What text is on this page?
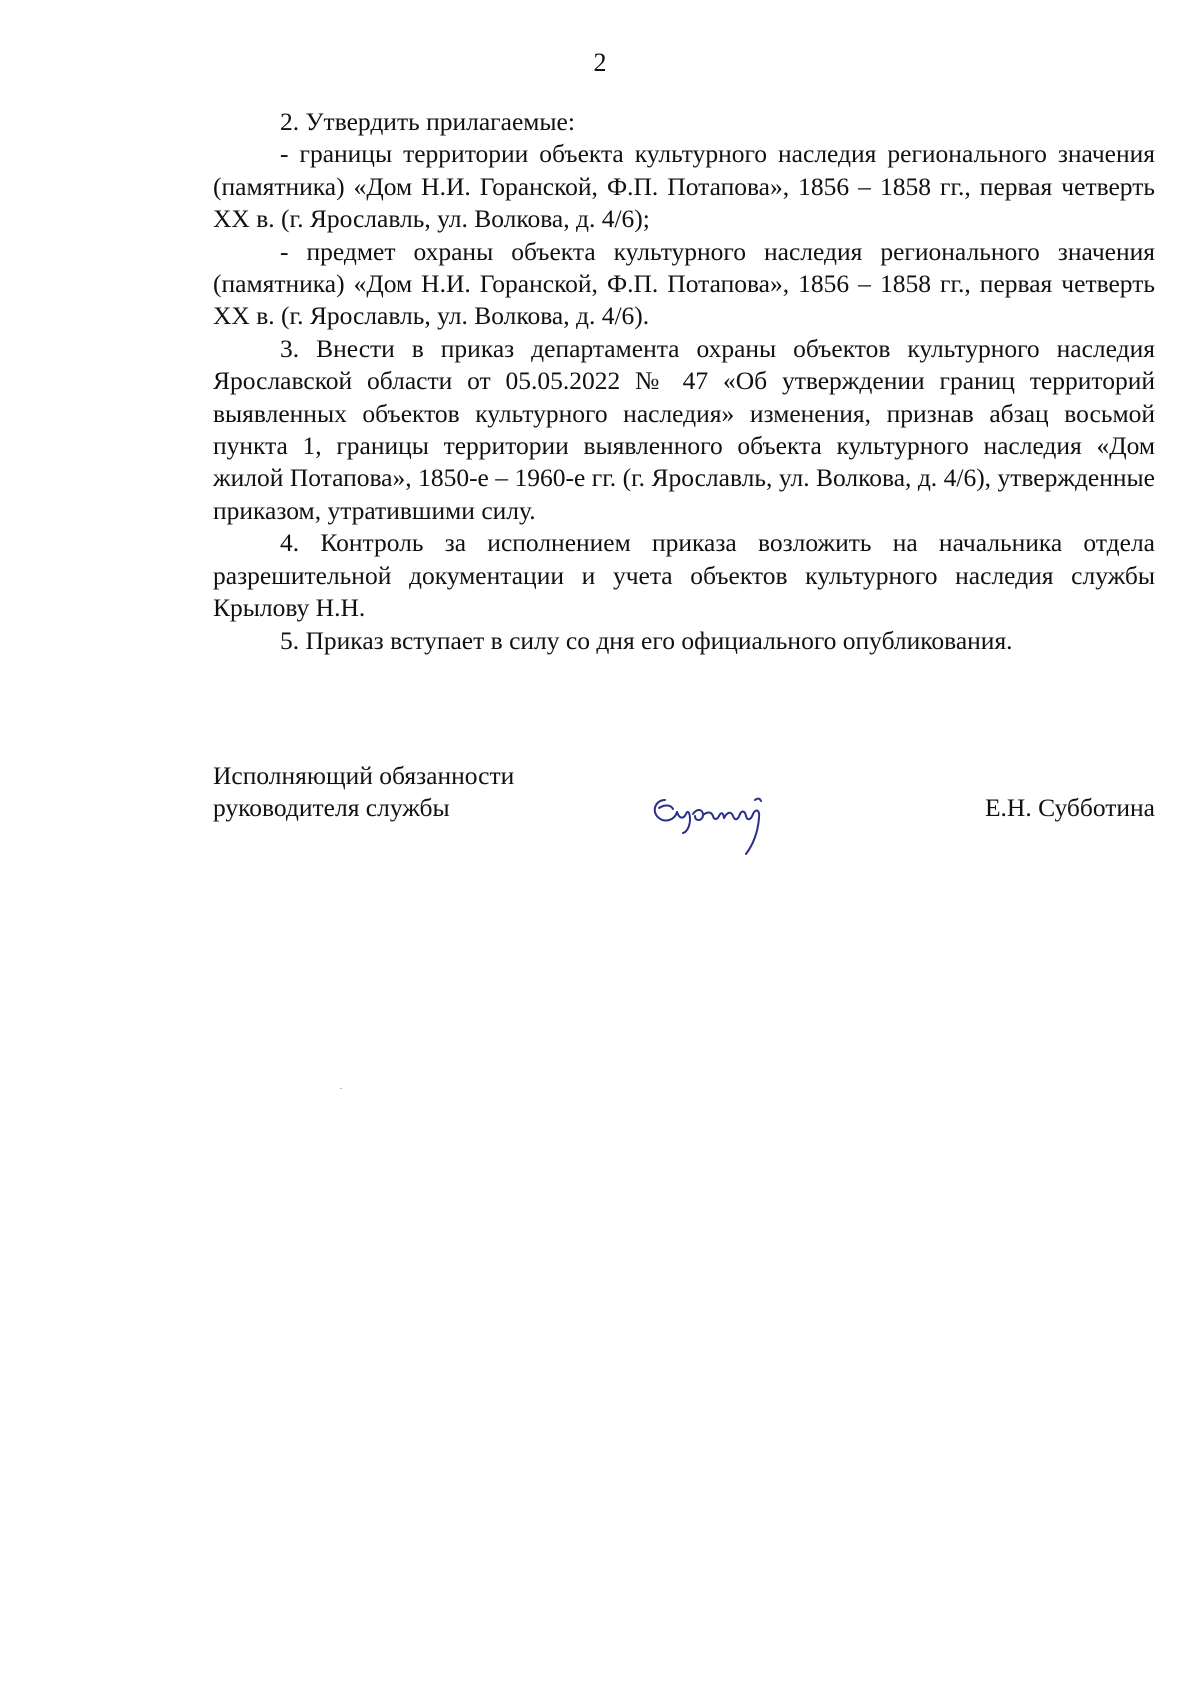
2

2. Утвердить прилагаемые:

- границы территории объекта культурного наследия регионального значения (памятника) «Дом Н.И. Горанской, Ф.П. Потапова», 1856 – 1858 гг., первая четверть XX в. (г. Ярославль, ул. Волкова, д. 4/6);

- предмет охраны объекта культурного наследия регионального значения (памятника) «Дом Н.И. Горанской, Ф.П. Потапова», 1856 – 1858 гг., первая четверть XX в. (г. Ярославль, ул. Волкова, д. 4/6).

3. Внести в приказ департамента охраны объектов культурного наследия Ярославской области от 05.05.2022 № 47 «Об утверждении границ территорий выявленных объектов культурного наследия» изменения, признав абзац восьмой пункта 1, границы территории выявленного объекта культурного наследия «Дом жилой Потапова», 1850-е – 1960-е гг. (г. Ярославль, ул. Волкова, д. 4/6), утвержденные приказом, утратившими силу.

4. Контроль за исполнением приказа возложить на начальника отдела разрешительной документации и учета объектов культурного наследия службы Крылову Н.Н.

5. Приказ вступает в силу со дня его официального опубликования.

Исполняющий обязанности
руководителя службы	Е.Н. Субботина
